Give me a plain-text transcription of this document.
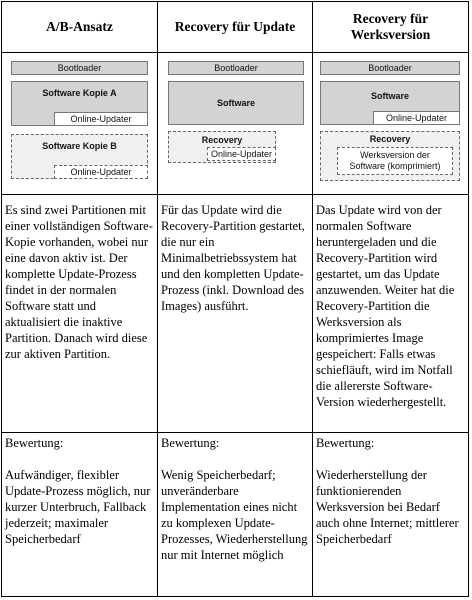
A/B-Ansatz	Recovery für Update
Recovery für Werksversion
Bootloader
Software Kopie A
Online-Updater
Software Kopie B
Online-Updater
Bootloader
Software
Recovery
Online-Updater
Bootloader
Software
Online-Updater
Recovery
Werksversion der Software (komprimiert)
Es sind zwei Partitionen mit einer vollständigen Software-Kopie vorhanden, wobei nur eine davon aktiv ist. Der komplette Update-Prozess findet in der normalen Software statt und aktualisiert die inaktive Partition. Danach wird diese zur aktiven Partition.
Für das Update wird die Recovery-Partition gestartet, die nur ein Minimalbetriebssystem hat und den kompletten Update-Prozess (inkl. Download des Images) ausführt.
Das Update wird von der normalen Software heruntergeladen und die Recovery-Partition wird gestartet, um das Update anzuwenden. Weiter hat die Recovery-Partition die Werksversion als komprimiertes Image gespeichert: Falls etwas schiefläuft, wird im Notfall die allererste Software-Version wiederhergestellt.
Bewertung:
Aufwändiger, flexibler Update-Prozess möglich, nur kurzer Unterbruch, Fallback jederzeit; maximaler Speicherbedarf
Bewertung:
Wenig Speicherbedarf; unveränderbare Implementation eines nicht zu komplexen Update-Prozesses, Wiederherstellung nur mit Internet möglich
Bewertung:
Wiederherstellung der funktionierenden Werksversion bei Bedarf auch ohne Internet; mittlerer Speicherbedarf
